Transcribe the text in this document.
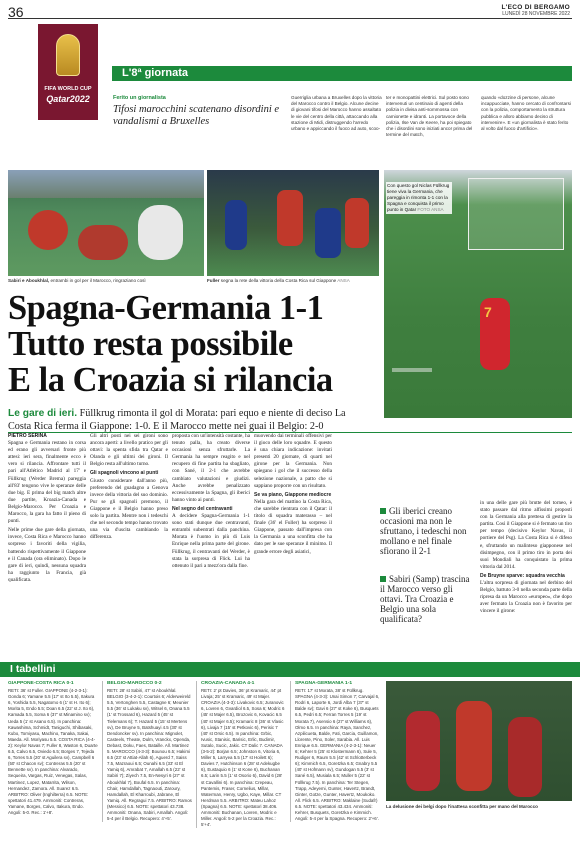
36	L'ECO DI BERGAMO
LUNEDÌ 28 NOVEMBRE 2022
FIFA WORLD CUP
Qatar2022
L'8ª giornata
Ferito un giornalista
Tifosi marocchini scatenano disordini e vandalismi a Bruxelles
Guerriglia urbana a Bruxelles dopo la vittoria del Marocco contro il Belgio. Alcune decine di giovani tifosi del Marocco hanno assaltato le vie del centro della città, attaccando alla stazione di Midi, distruggendo l'arredo urbano e appiccando il fuoco ad auto, scoo-
ter e monopattini elettrici. Sul posto sono intervenuti un centinaio di agenti della polizia in divisa anti-sommossa con camionette e idranti. La portavoce della polizia, Ilse Van de Keere, ha poi spiegato che i disordini sono iniziati ancor prima del termine del match,
quando «dozzine di persone, alcune incappucciate, hanno cercato di confrontarsi con la polizia, comportamento la struttura pubblica e alloro abbiamo deciso di intervenire». E «un giornalista è stato ferito al volto dal fuoco d'artificio».
Sabiri e Aboukhlal, entrambi in gol per il Marocco, ringraziano così	Fuller segna la rete della vittoria della Costa Rica sul Giappone ANSA
7
Con questo gol Niclas Füllkrug tiene viva la Germania, che pareggia in rimonta 1-1 con la Spagna e conquista il primo punto in Qatar FOTO ANSA
Spagna-Germania 1-1
Tutto resta possibile
E la Croazia si rilancia
Le gare di ieri. Füllkrug rimonta il gol di Morata: pari equo e niente di deciso La Costa Rica ferma il Giappone: 1-0. E il Marocco mette nei guai il Belgio: 2-0
PIETRO SERINA
Spagna e Germania restano in corsa ed erano gli avversari fronte più attesi: ieri sera, finalmente ecco è vero si rilancia. Affrontare tutti il pari all'Atlético Madrid al 17' e Füllkrug (Werder Brema) pareggia all'83' tengono vive le speranze delle due big. E prima del big match altre due partite, Kroazia-Canada e Belgio-Marocco. Per Croazia e Marocco, la gara ha fatto il pieno di punti.
Nelle prime due gare della giornata, invece, Costa Rica e Marocco hanno sorpreso i favoriti della vigilia, battendo rispettivamente il Giappone e il Canada (ora eliminato). Dopo le gare di ieri, quindi, nessuna squadra ha raggiunto la Francia, già qualificata.
Gli altri posti nei sei gironi sono ancora aperti: a livello pratico per gli ottavi: la spenta sfida tra Qatar e Olanda e gli ultimi dei gironi. Il Belgio resta all'ultimo turno.
Gli spagnoli vincono ai punti
Giusto considerare dall'anno più, preferendo del guadagno a Genova invece della vittoria del suo dominio. Pur se gli spagnoli premono, il Giappone e il Belgio hanno preso solo la partita. Mentre non i tedeschi che nel secondo tempo hanno trovato una via d'uscita cambiando la differenza.
proposta con un'intensità costante, ha tenuto palla, ha creato diverse occasioni senza sfruttarle. La Germania ha sempre reagito e nel recupero di fine partita ha sbagliato, con Sané, il 2-1 che avrebbe cambiato valutazioni e giudizi. Anche avrebbe penalizzato eccessivamente la Spagna, gli iberici hanno vinto ai punti.
Nel segno del centravanti
A decidere Spagna-Germania 1-1 sono stati dunque due centravanti, entrambi subentrati dalla panchina. Morata è l'uomo in più di Luis Enrique nella prima parte del girone. Füllkrug, il centravanti del Werder, è stata la sorpresa di Flick. Lui ha ottenuto il pari a mezz'ora dalla fine.
muovendo dai terminali offensivi per il gioco delle loro squadre. E questo è una chiara indicazione: invitati presenti 20 giornate, di quarti nel girone per la Germania. Non spiegano i gol che il successo della selezione nazionale, a patto che si sappiano proporre con un risultato.
Se va piano, Giappone mediocre
Nella gara del mattino la Costa Rica, che sarebbe rientrata con il Qatar: il titolo di squadra materasso – nel finale (36' el Fuller) ha sorpreso il Giappone, passato dall'impresa con la Germania a una sconfitta che ha dato per le sue speranze il minimo. Il grande errore degli asiatici,
Gli iberici creano occasioni ma non le sfruttano, i tedeschi non mollano e nel finale sfiorano il 2-1
Sabiri (Samp) trascina il Marocco verso gli ottavi. Tra Croazia e Belgio una sola qualificata?
in una delle gare più brutte del torneo, è stato passare dal ritmo alfissimi proposti con la Germania alla prettesa di gestire la partita. Così il Giappone si è fermato un tiro per tempo (decisivo Keylor Navas, il portiere del Psg). La Costa Rica si è difeso e, sfruttando un malinteso giapponese nel disimpegno, con il primo tiro in porta dei suoi Mondiali ha conquistato la prima vittoria dal 2014.
De Bruyne sparve: squadra vecchia
L'altra sorpresa di giornata nel derbino del Belgio, battuto 3-0 nella seconda parte della ripresa da un Marocco «europeo», che dopo aver fermato la Croazia non è favorito per vincere il girone:
I tabellini
GIAPPONE-COSTA RICA 0-1
RETI: 36' st Fuller. GIAPPONE (4-2-3-1): Gonda 6; Yamane 5.5 (17' st Ito 5.5), Itakura 6, Yoshida 5.5, Nagatomo 6 (1' st H. Ito 6); Morita 5, Endo 5.5; Doan 6.5 (22' st J. Ito 6), Kamada 5.5, Soma 6 (37' st Minamino sv); Ueda 5 (1' st Asano 6.5). In panchina: Kawashima, Schmidt, Taniguchi, Shibasaki, Kubo, Tomiyasu, Machino, Tanaka, Sakai, Maeda. All. Moriyasu 5.5. COSTA RICA (4-4-2): Keylor Navas 7; Fuller 8, Waston 6, Duarte 6.5, Calvo 6.5, Oviedo 6.5; Borges 7, Tejeda 6, Torres 5.5 (20' st Aguilera sv), Campbell 6 (50' st Chacon sv); Contreras 5.5 (20' st Bennette sv). In panchina: Alvarado, Sequeira, Vargas, Ruiz, Venegas, Salas, Martinez, Lopez, Matarrita, Wilson, Hernandez, Zamora. All. Suarez 6.5. ARBITRO: Oliver (Inghilterra) 6.5. NOTE: spettatori 41.479. Ammoniti: Contreras, Yamane, Borges, Calvo, Itakura, Endo. Angoli: 5-0. Rec.: 1'+8'.
BELGIO-MAROCCO 0-2
RETI: 28' st Sabiri, 47' st Aboukhlal. BELGIO (3-4-2-1): Courtois 6; Alderweireld 5.5, Vertonghen 5.5, Castagne 6; Meunier 5.5 (36' st Lukaku sv), Witsel 6, Onana 5.5 (1' st Trossard 6), Hazard 5 (45' st Tielemans 6); T. Hazard 5 (15' st Mertens sv), De Bruyne 5, Batshuayi 4.5 (30' st Dendoncker sv). In panchina: Mignolet, Casteels, Theate, Dulm, Vranckx, Openda, Debast, Doku, Faes, Bataille. All. Martinez 5. MAROCCO (4-3-3): Bounou 6.5; Hakimi 6.5 (23' st Attiat-Allah 6), Aguerd 7, Saiss 7.5, Mazraoui 6.5; Ounahi 6.5 (33' st El Yamiq 6), Amrabat 7, Amallah 6.5 (22' st Sabiri 7); Ziyech 7.5, En-Nesyri 6 (27' st Aboukhlal 7), Boufal 6.5. In panchina: Chair, Hamdallah, Tagnaouti, Zaroury, Hamdallah, El Kharroubi, Jabrane, El Yamiq. All. Regragui 7.5. ARBITRO: Ramos (Messico) 6.5. NOTE: spettatori 43.738. Ammoniti: Onana, Sabiri, Amallah. Angoli: 5-4 per il Belgio. Recupero: 4'+5'.
CROAZIA-CANADA 4-1
RETI: 2' pt Davies, 36' pt Kramaric, 44' pt Livaja; 25' st Kramaric, 49' st Majer. CROAZIA (4-3-3): Livakovic 6.5; Juranovic 6, Lovren 6, Gvardiol 6.5, Sosa 6; Modric 6 (45' st Majer 6.5), Brozovic 6, Kovacic 6.5 (40' st Majer 6.5); Kramaric 8 (36' st Vlasic 6), Livaja 7 (15' st Petkovic 6), Perisic 7 (40' st Orsic 6.5). In panchina: Grbic, Ivusic, Stanisic, Barisic, Erlic, Budimir, Sutalo, Sucic, Jakic. CT Dalic 7. CANADA (3-5-2): Borjan 6.5; Johnston 6, Vitoria 6, Miller 5, Larryea 5.5 (17' st Hoilett 6); Davies 7, Hutchinson 6 (28' st Adekugbe 6), Eustaquio 6 (1' st Kone 6), Buchanan 6.5; Larin 5.5 (1' st Osorio 6), David 6 (28' st Cavallini 6). In panchina: Crepeau, Pantemis, Fraser, Cornelius, Millar, Waterman, Henry, Ugbo, Kaye, Millar. CT Herdman 5.5. ARBITRO: Mateu Lahoz (Spagna) 6.5. NOTE: spettatori 38.406. Ammoniti: Buchanan, Lovren, Modric e Miller. Angoli: 5-2 per la Croazia. Rec.: 5'+4'.
SPAGNA-GERMANIA 1-1
RETI: 17' st Morata, 38' st Füllkrug. SPAGNA (4-3-3): Unai Simon 7; Carvajal 6, Rodri 6, Laporte 6, Jordi Alba 7 (37' st Balde sv); Gavi 6 (27' st Koke 6), Busquets 6.5, Pedri 6.5; Ferran Torres 5 (19' st Morata 7), Asensio 6 (27' st Williams 6), Olmo 6.5. In panchina: Raya, Sanchez, Azpilicueta, Balde, Fati, Garcia, Guillamon, Llorente, Pino, Soler, Sarabia. All. Luis Enrique 6.5. GERMANIA (4-2-3-1): Neuer 6; Kehrer 5 (25' st Klostermann 6), Sule 5, Rudiger 6, Raum 5.5 (42' st Schlotterbeck 6); Kimmich 6.5, Goretzka 6.5; Gnabry 5.5 (40' st Hofmann sv), Gundogan 5.5 (3' st Sané 6.5), Musiala 6.5; Muller 5 (22' st Füllkrug 7.5). In panchina: Ter Stegen, Trapp, Adeyemi, Gunter, Havertz, Brandt, Ginter, Gotze, Gunter, Havertz, Moukoko. All. Flick 6.5. ARBITRO: Maklaine (Sudafr) 6.5. NOTE: spettatori 43.434. Ammoniti: Kehrer, Busquets, Goretzka e Kimmich. Angoli: 5-4 per la Spagna. Recupero: 2'+6'.
La delusione dei belgi dopo l'inattesa sconfitta per mano del Marocco
